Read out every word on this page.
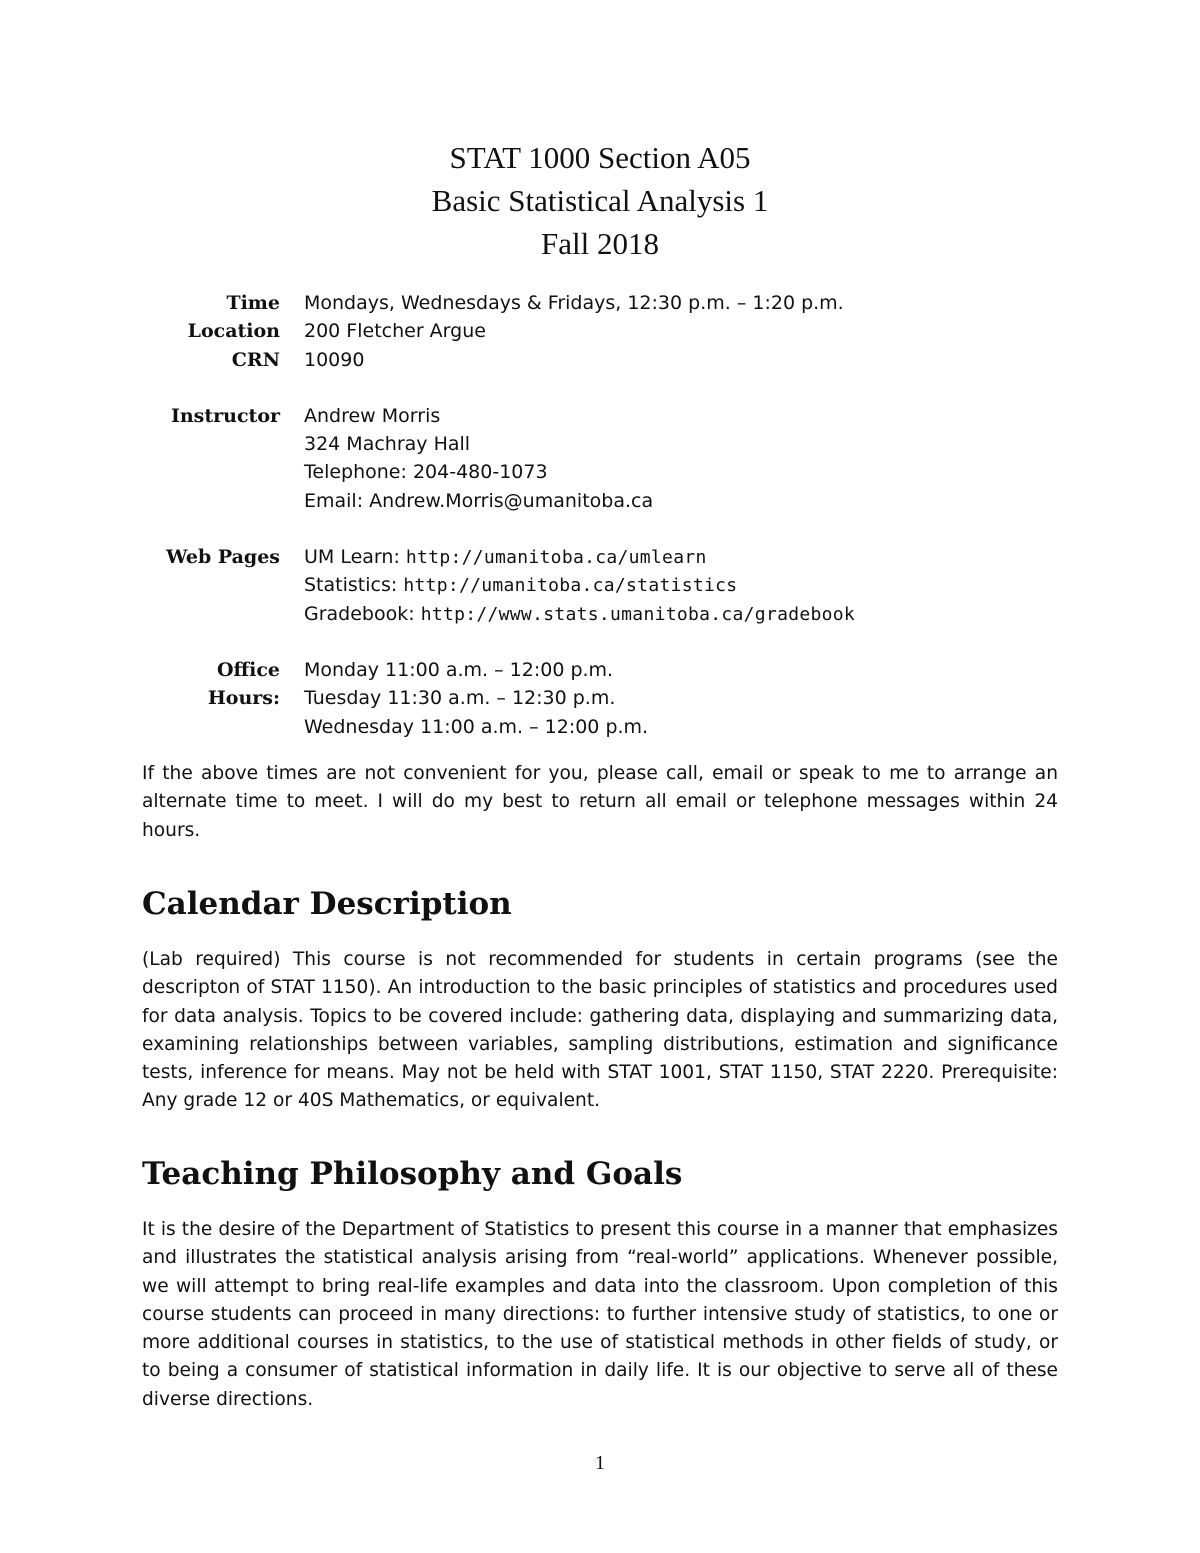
STAT 1000 Section A05
Basic Statistical Analysis 1
Fall 2018
Time	Mondays, Wednesdays & Fridays, 12:30 p.m. – 1:20 p.m.
Location	200 Fletcher Argue
CRN	10090
Instructor	Andrew Morris
324 Machray Hall
Telephone: 204-480-1073
Email: Andrew.Morris@umanitoba.ca
Web Pages	UM Learn: http://umanitoba.ca/umlearn
Statistics: http://umanitoba.ca/statistics
Gradebook: http://www.stats.umanitoba.ca/gradebook
Office Hours:
Monday 11:00 a.m. – 12:00 p.m.
Tuesday 11:30 a.m. – 12:30 p.m.
Wednesday 11:00 a.m. – 12:00 p.m.

If the above times are not convenient for you, please call, email or speak to me to arrange an alternate time to meet. I will do my best to return all email or telephone messages within 24 hours.

Calendar Description

(Lab required) This course is not recommended for students in certain programs (see the descripton of STAT 1150). An introduction to the basic principles of statistics and procedures used for data analysis. Topics to be covered include: gathering data, displaying and summarizing data, examining relationships between variables, sampling distributions, estimation and significance tests, inference for means. May not be held with STAT 1001, STAT 1150, STAT 2220. Prerequisite: Any grade 12 or 40S Mathematics, or equivalent.

Teaching Philosophy and Goals

It is the desire of the Department of Statistics to present this course in a manner that emphasizes and illustrates the statistical analysis arising from “real-world” applications. Whenever possible, we will attempt to bring real-life examples and data into the classroom. Upon completion of this course students can proceed in many directions: to further intensive study of statistics, to one or more additional courses in statistics, to the use of statistical methods in other fields of study, or to being a consumer of statistical information in daily life. It is our objective to serve all of these diverse directions.

1
